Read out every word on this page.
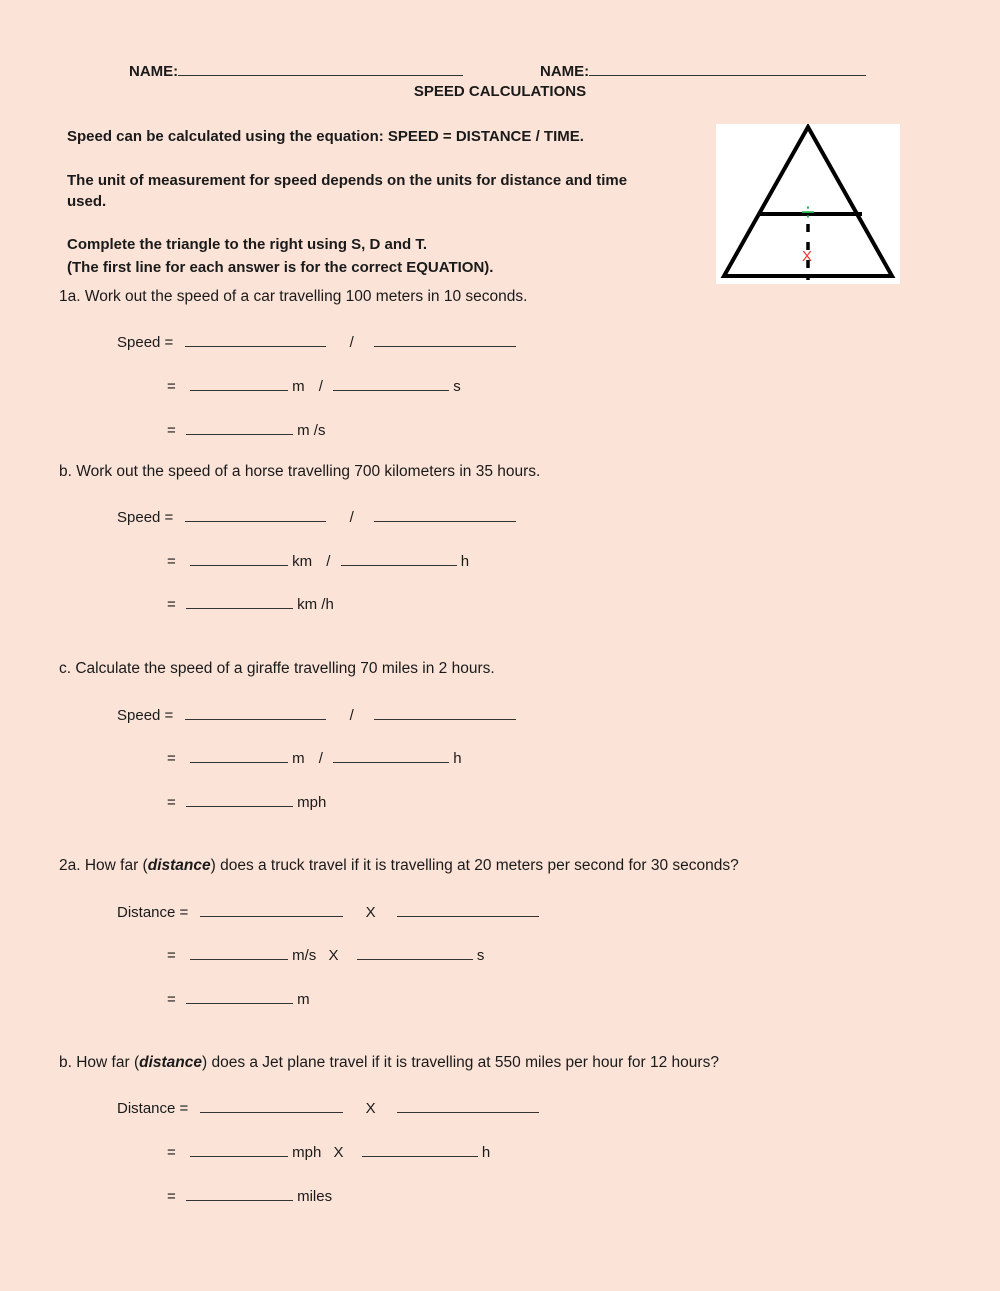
NAME:	NAME:
SPEED CALCULATIONS
Speed can be calculated using the equation: SPEED = DISTANCE / TIME.
The unit of measurement for speed depends on the units for distance and time
used.
Complete the triangle to the right using S, D and T.
(The first line for each answer is for the correct EQUATION).
÷
X
1a. Work out the speed of a car travelling 100 meters in 10 seconds.
Speed =	/
=	m /	s
=	m /s
b. Work out the speed of a horse travelling 700 kilometers in 35 hours.
Speed =	/
=	km /	h
=	km /h
c. Calculate the speed of a giraffe travelling 70 miles in 2 hours.
Speed =	/
=	m /	h
=	mph
2a. How far (distance) does a truck travel if it is travelling at 20 meters per second for 30 seconds?
Distance =	X
=	m/s X	s
=	m
b. How far (distance) does a Jet plane travel if it is travelling at 550 miles per hour for 12 hours?
Distance =	X
=	mph X	h
=	miles
